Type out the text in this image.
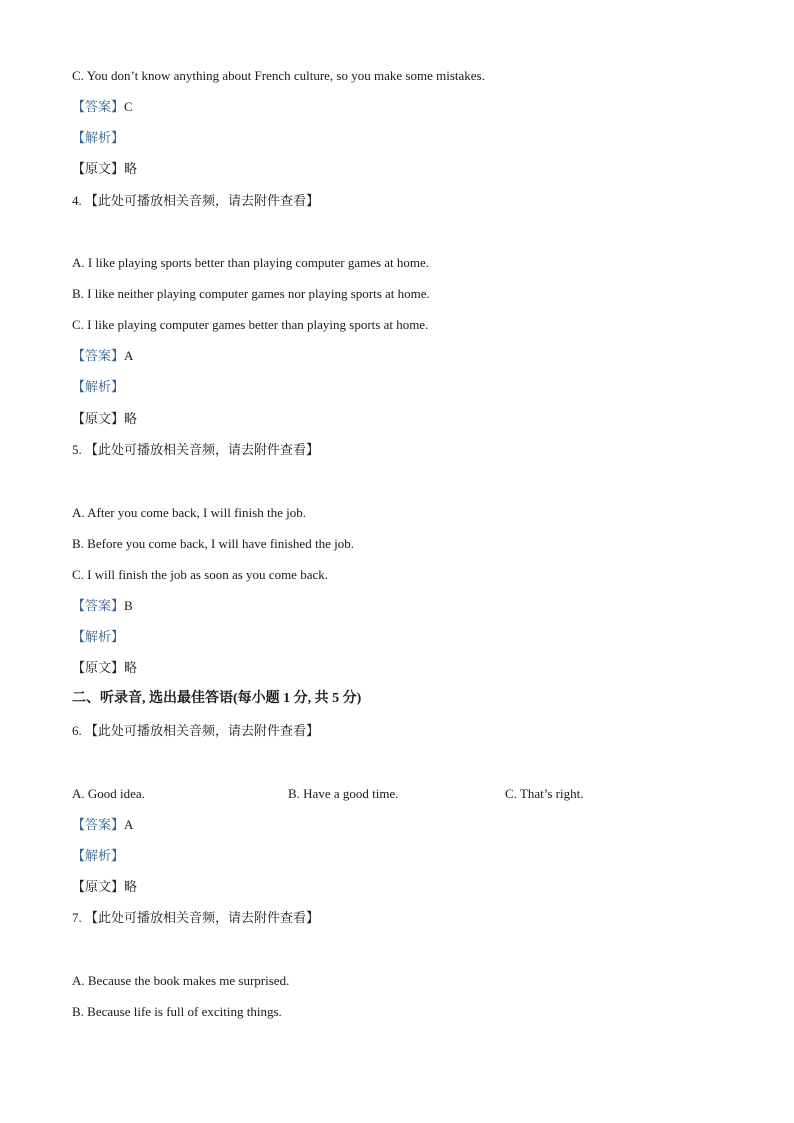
C. You don’t know anything about French culture, so you make some mistakes.
【答案】C
【解析】
【原文】略
4. 【此处可播放相关音频，请去附件查看】
A. I like playing sports better than playing computer games at home.
B. I like neither playing computer games nor playing sports at home.
C. I like playing computer games better than playing sports at home.
【答案】A
【解析】
【原文】略
5. 【此处可播放相关音频，请去附件查看】
A. After you come back, I will finish the job.
B. Before you come back, I will have finished the job.
C. I will finish the job as soon as you come back.
【答案】B
【解析】
【原文】略
二、听录音, 选出最佳答语(每小题 1 分, 共 5 分)
6. 【此处可播放相关音频，请去附件查看】
A. Good idea.	B. Have a good time.	C. That’s right.
【答案】A
【解析】
【原文】略
7. 【此处可播放相关音频，请去附件查看】
A. Because the book makes me surprised.
B. Because life is full of exciting things.
